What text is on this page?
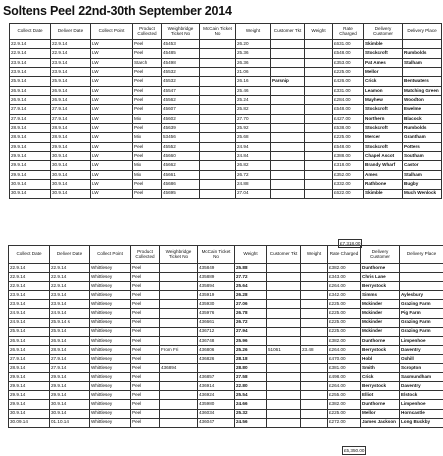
Soltens Peel 22nd-30th September 2014
Collect Date	Deliver Date	Collect Point	Product Collected	Weighbridge Ticket No	McCain Ticket No	Weight	Customer Tkt	Weight	Rate Charged	Delivery Customer	Delivery Place
22.9.14	22.9.14	LW	Peel	45453		26.20			£631.00	Skimble	
22.9.14	22.9.14	LW	Peel	45485		25.36			£548.00	Stockcroft	Rumbolds
23.9.14	23.9.14	LW	Starch	45498		26.36			£353.00	Pat Ames	Stalham
23.9.14	23.9.14	LW	Peel	45532		21.06			£225.00	Mellor	
25.9.14	25.9.14	LW	Peel	45532		26.16	Parsnip		£426.00	Crick	Bentwaters
26.9.14	26.9.14	LW	Peel	45547		25.46			£331.00	Leamon	Matching Green
26.9.14	26.9.14	LW	Peel	45562		25.24			£284.00	Mayhew	Woodton
27.9.14	27.9.14	LW	Peel	45607		25.82			£548.00	Stockcroft	Ewelme
27.9.14	27.9.14	LW	Mix	45602		27.70			£427.00	Northern	Blacock
28.9.14	28.9.14	LW	Peel	45639		25.92			£538.00	Stockcroft	Rumbolds
28.9.14	28.9.14	LW	Mix	53456		25.68			£225.00	Mercer	Grantham
29.9.14	29.9.14	LW	Peel	45552		24.94			£548.00	Stockcroft	Potters
29.9.14	30.9.14	LW	Peel	45660		24.84			£388.00	Chapel Ascot	Southam
29.9.14	30.9.14	LW	Mix	45662		26.82			£318.00	Brandy Wharf	Castor
29.9.14	30.9.14	LW	Mix	45661		26.72			£352.00	Ames	Stalham
30.9.14	30.9.14	LW	Peel	45686		24.88			£332.00	Rathbone	Bugby
30.9.14	30.9.14	LW	Peel	45695		27.04			£622.00	Skimble	Much Wenlock
£7,318.00
Collect Date	Deliver Date	Collect Point	Product Collected	Weighbridge Ticket No	McCain Ticket No	Weight	Customer Tkt	Weight	Rate Charged	Delivery Customer	Delivery Place
22.9.14	22.9.14	Whittlesey	Peel		435849	25.88			£382.00	Dunthorne	
22.9.14	22.9.14	Whittlesey	Peel		435889	27.72			£343.00	Chris Lane	
22.9.14	22.9.14	Whittlesey	Peel		435894	25.64			£264.00	Berrystock	
23.9.14	23.9.14	Whittlesey	Peel		435919	26.28			£342.00	Simms	Aylesbury
23.9.14	23.9.14	Whittlesey	Peel		435930	27.06			£225.00	Mckinder	Grazing Farm
24.9.14	24.9.14	Whittlesey	Peel		435976	26.78			£225.00	Mckinder	Pig Farm
24.9.14	25.9.14 s	Whittlesey	Peel		436661	26.72			£225.00	Mckinder	Grazing Farm
25.9.14	25.9.14	Whittlesey	Peel		436712	27.94			£225.00	Mckinder	Grazing Farm
26.9.14	26.9.14	Whittlesey	Peel		436748	25.96			£382.00	Dunthorne	Limpenhoe
26.9.14	28.9.14	Whittlesey	Peel	From Fri	436806	25.26	51061	23.48	£264.00	Berrystock	Daventry
27.9.14	27.9.14	Whittlesey	Peel		436826	28.18			£470.00	Hobl	Oxhill
28.9.14	27.9.14	Whittlesey	Peel	436894		28.80			£381.00	Smith	Scropton
29.9.14	29.9.14	Whittlesey	Peel		436857	27.58			£498.00	Crick	Saxmundham
29.9.14	29.9.14	Whittlesey	Peel		436914	22.80			£264.00	Berrystock	Daventry
29.9.14	29.9.14	Whittlesey	Peel		436924	25.54			£255.00	Elliot	Elstock
29.9.14	30.9.14	Whittlesey	Peel		435980	24.66			£382.00	Dunthorne	Limpenhoe
30.9.14	30.9.14	Whittlesey	Peel		436034	25.32			£225.00	Mellor	Horncastle
30.09.14	01.10.14	Whittlesey	Peel		436047	24.56			£272.00	James Jackson	Long Buckby
£5,350.00
